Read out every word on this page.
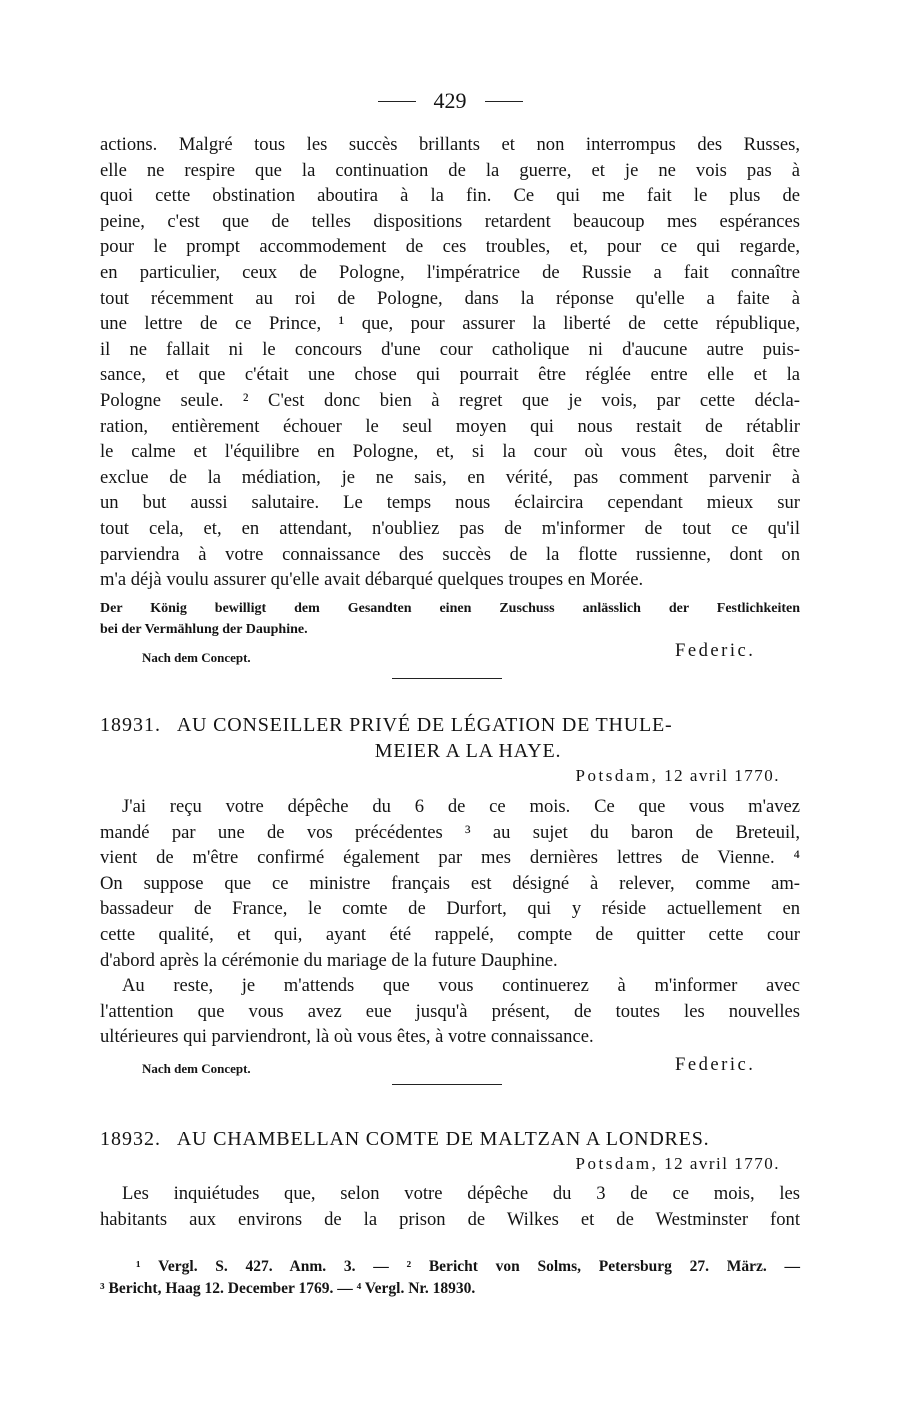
429
actions. Malgré tous les succès brillants et non interrompus des Russes,
elle ne respire que la continuation de la guerre, et je ne vois pas à
quoi cette obstination aboutira à la fin. Ce qui me fait le plus de
peine, c'est que de telles dispositions retardent beaucoup mes espérances
pour le prompt accommodement de ces troubles, et, pour ce qui regarde,
en particulier, ceux de Pologne, l'impératrice de Russie a fait connaître
tout récemment au roi de Pologne, dans la réponse qu'elle a faite à
une lettre de ce Prince, ¹ que, pour assurer la liberté de cette république,
il ne fallait ni le concours d'une cour catholique ni d'aucune autre puis-
sance, et que c'était une chose qui pourrait être réglée entre elle et la
Pologne seule. ² C'est donc bien à regret que je vois, par cette décla-
ration, entièrement échouer le seul moyen qui nous restait de rétablir
le calme et l'équilibre en Pologne, et, si la cour où vous êtes, doit être
exclue de la médiation, je ne sais, en vérité, pas comment parvenir à
un but aussi salutaire. Le temps nous éclaircira cependant mieux sur
tout cela, et, en attendant, n'oubliez pas de m'informer de tout ce qu'il
parviendra à votre connaissance des succès de la flotte russienne, dont on
m'a déjà voulu assurer qu'elle avait débarqué quelques troupes en Morée.
Der König bewilligt dem Gesandten einen Zuschuss anlässlich der Festlichkeiten
bei der Vermählung der Dauphine.
Nach dem Concept.	Federic.
18931. AU CONSEILLER PRIVÉ DE LÉGATION DE THULE-
MEIER A LA HAYE.
Potsdam, 12 avril 1770.
J'ai reçu votre dépêche du 6 de ce mois. Ce que vous m'avez
mandé par une de vos précédentes ³ au sujet du baron de Breteuil,
vient de m'être confirmé également par mes dernières lettres de Vienne. ⁴
On suppose que ce ministre français est désigné à relever, comme am-
bassadeur de France, le comte de Durfort, qui y réside actuellement en
cette qualité, et qui, ayant été rappelé, compte de quitter cette cour
d'abord après la cérémonie du mariage de la future Dauphine.
Au reste, je m'attends que vous continuerez à m'informer avec
l'attention que vous avez eue jusqu'à présent, de toutes les nouvelles
ultérieures qui parviendront, là où vous êtes, à votre connaissance.
Nach dem Concept.	Federic.
18932. AU CHAMBELLAN COMTE DE MALTZAN A LONDRES.
Potsdam, 12 avril 1770.
Les inquiétudes que, selon votre dépêche du 3 de ce mois, les
habitants aux environs de la prison de Wilkes et de Westminster font
¹ Vergl. S. 427. Anm. 3. — ² Bericht von Solms, Petersburg 27. März. —
³ Bericht, Haag 12. December 1769. — ⁴ Vergl. Nr. 18930.
